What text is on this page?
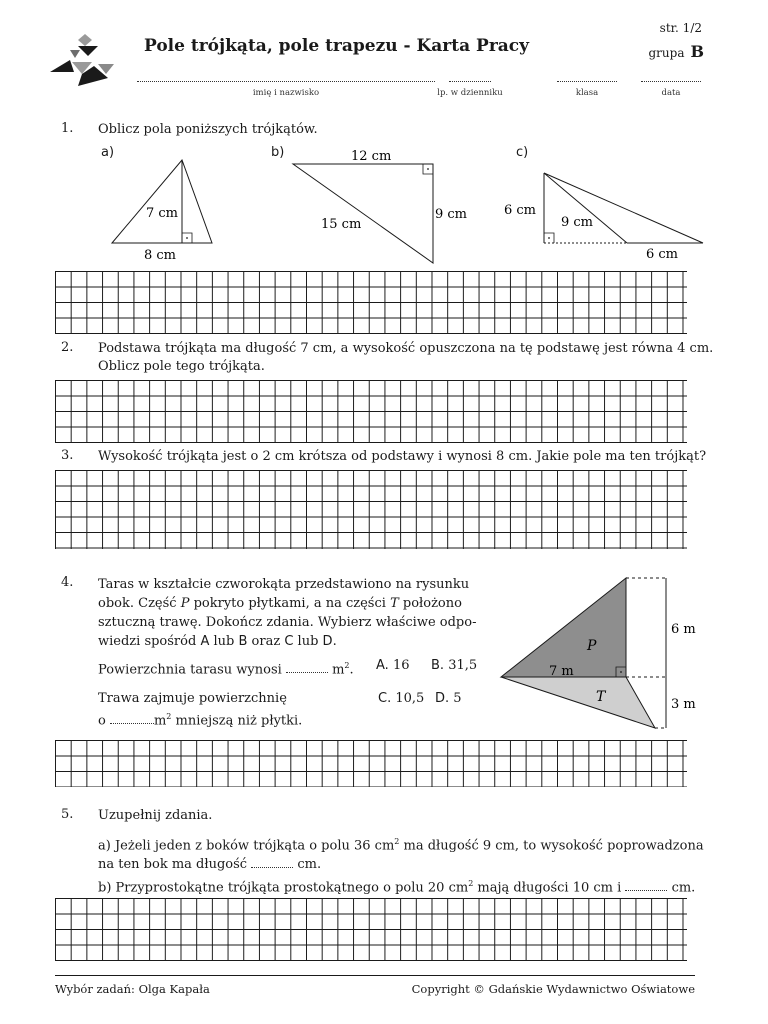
Pole trójkąta, pole trapezu - Karta Pracy
str. 1/2
grupa B
imię i nazwisko	lp. w dzienniku	klasa	data
1. Oblicz pola poniższych trójkątów.
a)	b)	c)
7 cm
8 cm
12 cm
9 cm
15 cm
6 cm
9 cm
6 cm
2. Podstawa trójkąta ma długość 7 cm, a wysokość opuszczona na tę podstawę jest równa 4 cm.
Oblicz pole tego trójkąta.
3. Wysokość trójkąta jest o 2 cm krótsza od podstawy i wynosi 8 cm. Jakie pole ma ten trójkąt?
4. Taras w kształcie czworokąta przedstawiono na rysunku
obok. Część P pokryto płytkami, a na części T położono
sztuczną trawę. Dokończ zdania. Wybierz właściwe odpo-
wiedzi spośród A lub B oraz C lub D.
Powierzchnia tarasu wynosi	$m^2$. A. 16 B. 31,5
Trawa zajmuje powierzchnię
o	$m^2$ mniejszą niż płytki.
C. 10,5 D. 5
P
T
7 m
6 m
3 m
5. Uzupełnij zdania.
a) Jeżeli jeden z boków trójkąta o polu 36 $cm^2$ ma długość 9 cm, to wysokość poprowadzona
na ten bok ma długość	cm.
b) Przyprostokątne trójkąta prostokątnego o polu 20 $cm^2$ mają długości 10 cm i	cm.
Wybór zadań: Olga Kapała	Copyright © Gdańskie Wydawnictwo Oświatowe
